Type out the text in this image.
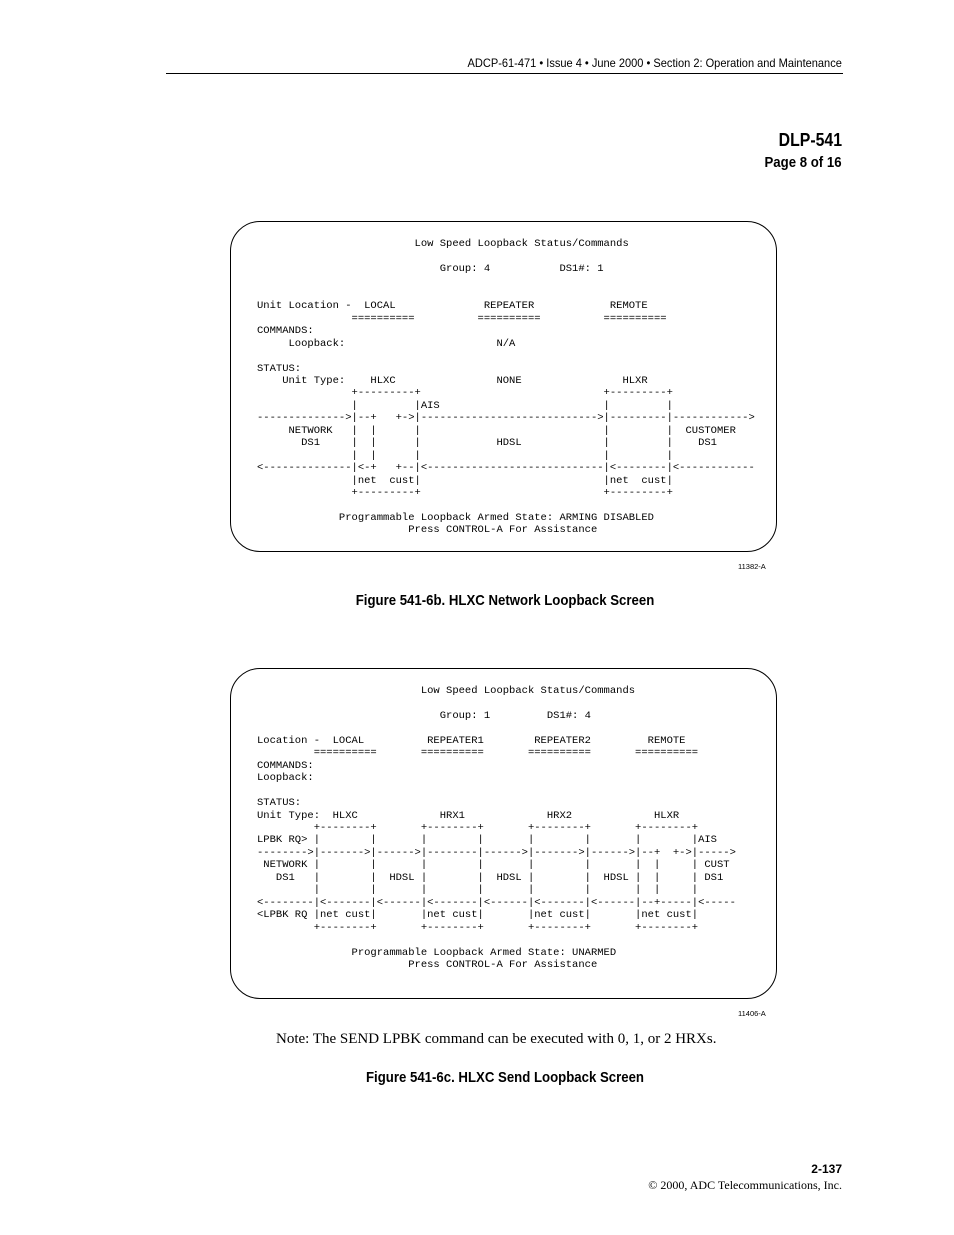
ADCP-61-471 • Issue 4 • June 2000 • Section 2: Operation and Maintenance
DLP-541
Page 8 of 16
Low Speed Loopback Status/Commands

Group: 4           DS1#: 1

Unit Location -  LOCAL              REPEATER            REMOTE
==========          ==========          ==========
COMMANDS:
Loopback:                        N/A

STATUS:
Unit Type:    HLXC                NONE                HLXR
+---------+                             +---------+
|         |AIS                          |         |
-------------->|--+   +->|---------------------------->|---------|------------>
NETWORK   |  |      |                             |         |  CUSTOMER
DS1     |  |      |            HDSL             |         |    DS1
|  |      |                             |         |
<--------------|<-+   +--|<----------------------------|<--------|<------------
|net  cust|                             |net  cust|
+---------+                             +---------+

Programmable Loopback Armed State: ARMING DISABLED
Press CONTROL-A For Assistance
11382-A
Figure 541-6b. HLXC Network Loopback Screen
Low Speed Loopback Status/Commands

Group: 1         DS1#: 4

Location -  LOCAL          REPEATER1        REPEATER2         REMOTE
==========       ==========       ==========       ==========
COMMANDS:
Loopback:

STATUS:
Unit Type:  HLXC             HRX1             HRX2             HLXR
+--------+       +--------+       +--------+       +--------+
LPBK RQ> |        |       |        |       |        |       |        |AIS
-------->|------->|------>|--------|------>|------->|------>|--+  +->|----->
NETWORK |        |       |        |       |        |       |  |     | CUST
DS1   |        |  HDSL |        |  HDSL |        |  HDSL |  |     | DS1
|        |       |        |       |        |       |  |     |
<--------|<-------|<------|<-------|<------|<-------|<------|--+-----|<-----
<LPBK RQ |net cust|       |net cust|       |net cust|       |net cust|
+--------+       +--------+       +--------+       +--------+

Programmable Loopback Armed State: UNARMED
Press CONTROL-A For Assistance
11406-A
Note: The SEND LPBK command can be executed with 0, 1, or 2 HRXs.
Figure 541-6c. HLXC Send Loopback Screen
2-137
© 2000, ADC Telecommunications, Inc.
